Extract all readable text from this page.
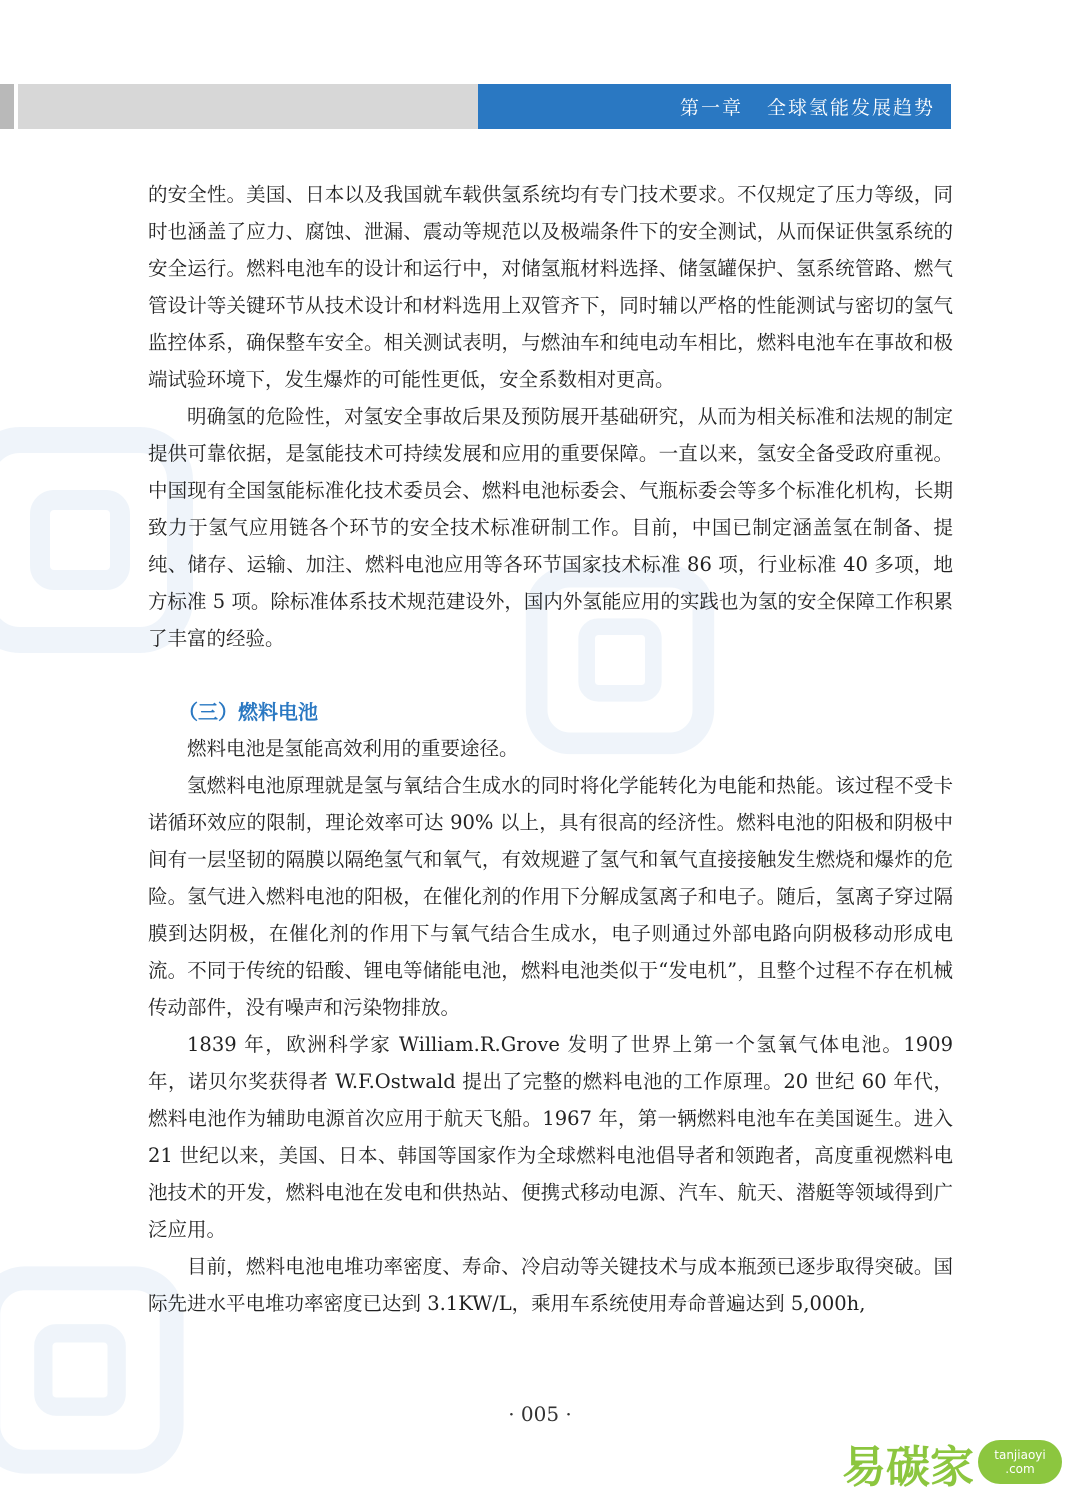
第一章 全球氢能发展趋势

的安全性。美国、日本以及我国就车载供氢系统均有专门技术要求。不仅规定了压力等级，同时也涵盖了应力、腐蚀、泄漏、震动等规范以及极端条件下的安全测试，从而保证供氢系统的安全运行。燃料电池车的设计和运行中，对储氢瓶材料选择、储氢罐保护、氢系统管路、燃气管设计等关键环节从技术设计和材料选用上双管齐下，同时辅以严格的性能测试与密切的氢气监控体系，确保整车安全。相关测试表明，与燃油车和纯电动车相比，燃料电池车在事故和极端试验环境下，发生爆炸的可能性更低，安全系数相对更高。

明确氢的危险性，对氢安全事故后果及预防展开基础研究，从而为相关标准和法规的制定提供可靠依据，是氢能技术可持续发展和应用的重要保障。一直以来，氢安全备受政府重视。中国现有全国氢能标准化技术委员会、燃料电池标委会、气瓶标委会等多个标准化机构，长期致力于氢气应用链各个环节的安全技术标准研制工作。目前，中国已制定涵盖氢在制备、提纯、储存、运输、加注、燃料电池应用等各环节国家技术标准 86 项，行业标准 40 多项，地方标准 5 项。除标准体系技术规范建设外，国内外氢能应用的实践也为氢的安全保障工作积累了丰富的经验。

（三）燃料电池

燃料电池是氢能高效利用的重要途径。

氢燃料电池原理就是氢与氧结合生成水的同时将化学能转化为电能和热能。该过程不受卡诺循环效应的限制，理论效率可达 90% 以上，具有很高的经济性。燃料电池的阳极和阴极中间有一层坚韧的隔膜以隔绝氢气和氧气，有效规避了氢气和氧气直接接触发生燃烧和爆炸的危险。氢气进入燃料电池的阳极，在催化剂的作用下分解成氢离子和电子。随后，氢离子穿过隔膜到达阴极，在催化剂的作用下与氧气结合生成水，电子则通过外部电路向阴极移动形成电流。不同于传统的铅酸、锂电等储能电池，燃料电池类似于“发电机”，且整个过程不存在机械传动部件，没有噪声和污染物排放。

1839 年，欧洲科学家 William.R.Grove 发明了世界上第一个氢氧气体电池。1909 年，诺贝尔奖获得者 W.F.Ostwald 提出了完整的燃料电池的工作原理。20 世纪 60 年代，燃料电池作为辅助电源首次应用于航天飞船。1967 年，第一辆燃料电池车在美国诞生。进入 21 世纪以来，美国、日本、韩国等国家作为全球燃料电池倡导者和领跑者，高度重视燃料电池技术的开发，燃料电池在发电和供热站、便携式移动电源、汽车、航天、潜艇等领域得到广泛应用。

目前，燃料电池电堆功率密度、寿命、冷启动等关键技术与成本瓶颈已逐步取得突破。国际先进水平电堆功率密度已达到 3.1KW/L，乘用车系统使用寿命普遍达到 5,000h,

· 005 ·
易碳家 tanjiaoyi
.com
